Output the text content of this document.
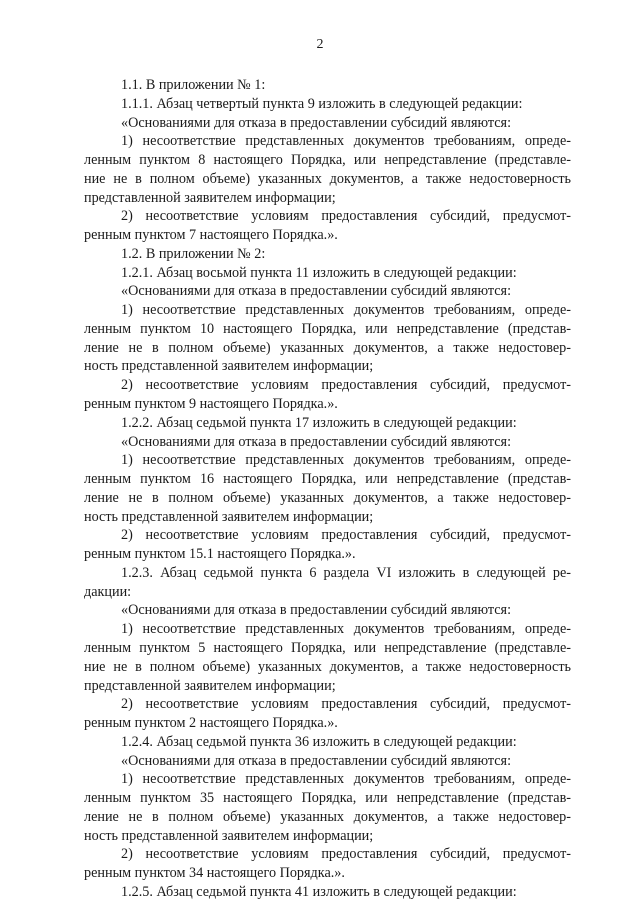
2
1.1. В приложении № 1:
1.1.1. Абзац четвертый пункта 9 изложить в следующей редакции:
«Основаниями для отказа в предоставлении субсидий являются:
1) несоответствие представленных документов требованиям, опреде-
ленным пунктом 8 настоящего Порядка, или непредставление (представле-
ние не в полном объеме) указанных документов, а также недостоверность
представленной заявителем информации;
2) несоответствие условиям предоставления субсидий, предусмот-
ренным пунктом 7 настоящего Порядка.».
1.2. В приложении № 2:
1.2.1. Абзац восьмой пункта 11 изложить в следующей редакции:
«Основаниями для отказа в предоставлении субсидий являются:
1) несоответствие представленных документов требованиям, опреде-
ленным пунктом 10 настоящего Порядка, или непредставление (представ-
ление не в полном объеме) указанных документов, а также недостовер-
ность представленной заявителем информации;
2) несоответствие условиям предоставления субсидий, предусмот-
ренным пунктом 9 настоящего Порядка.».
1.2.2. Абзац седьмой пункта 17 изложить в следующей редакции:
«Основаниями для отказа в предоставлении субсидий являются:
1) несоответствие представленных документов требованиям, опреде-
ленным пунктом 16 настоящего Порядка, или непредставление (представ-
ление не в полном объеме) указанных документов, а также недостовер-
ность представленной заявителем информации;
2) несоответствие условиям предоставления субсидий, предусмот-
ренным пунктом 15.1 настоящего Порядка.».
1.2.3. Абзац седьмой пункта 6 раздела VI изложить в следующей ре-
дакции:
«Основаниями для отказа в предоставлении субсидий являются:
1) несоответствие представленных документов требованиям, опреде-
ленным пунктом 5 настоящего Порядка, или непредставление (представле-
ние не в полном объеме) указанных документов, а также недостоверность
представленной заявителем информации;
2) несоответствие условиям предоставления субсидий, предусмот-
ренным пунктом 2 настоящего Порядка.».
1.2.4. Абзац седьмой пункта 36 изложить в следующей редакции:
«Основаниями для отказа в предоставлении субсидий являются:
1) несоответствие представленных документов требованиям, опреде-
ленным пунктом 35 настоящего Порядка, или непредставление (представ-
ление не в полном объеме) указанных документов, а также недостовер-
ность представленной заявителем информации;
2) несоответствие условиям предоставления субсидий, предусмот-
ренным пунктом 34 настоящего Порядка.».
1.2.5. Абзац седьмой пункта 41 изложить в следующей редакции:
